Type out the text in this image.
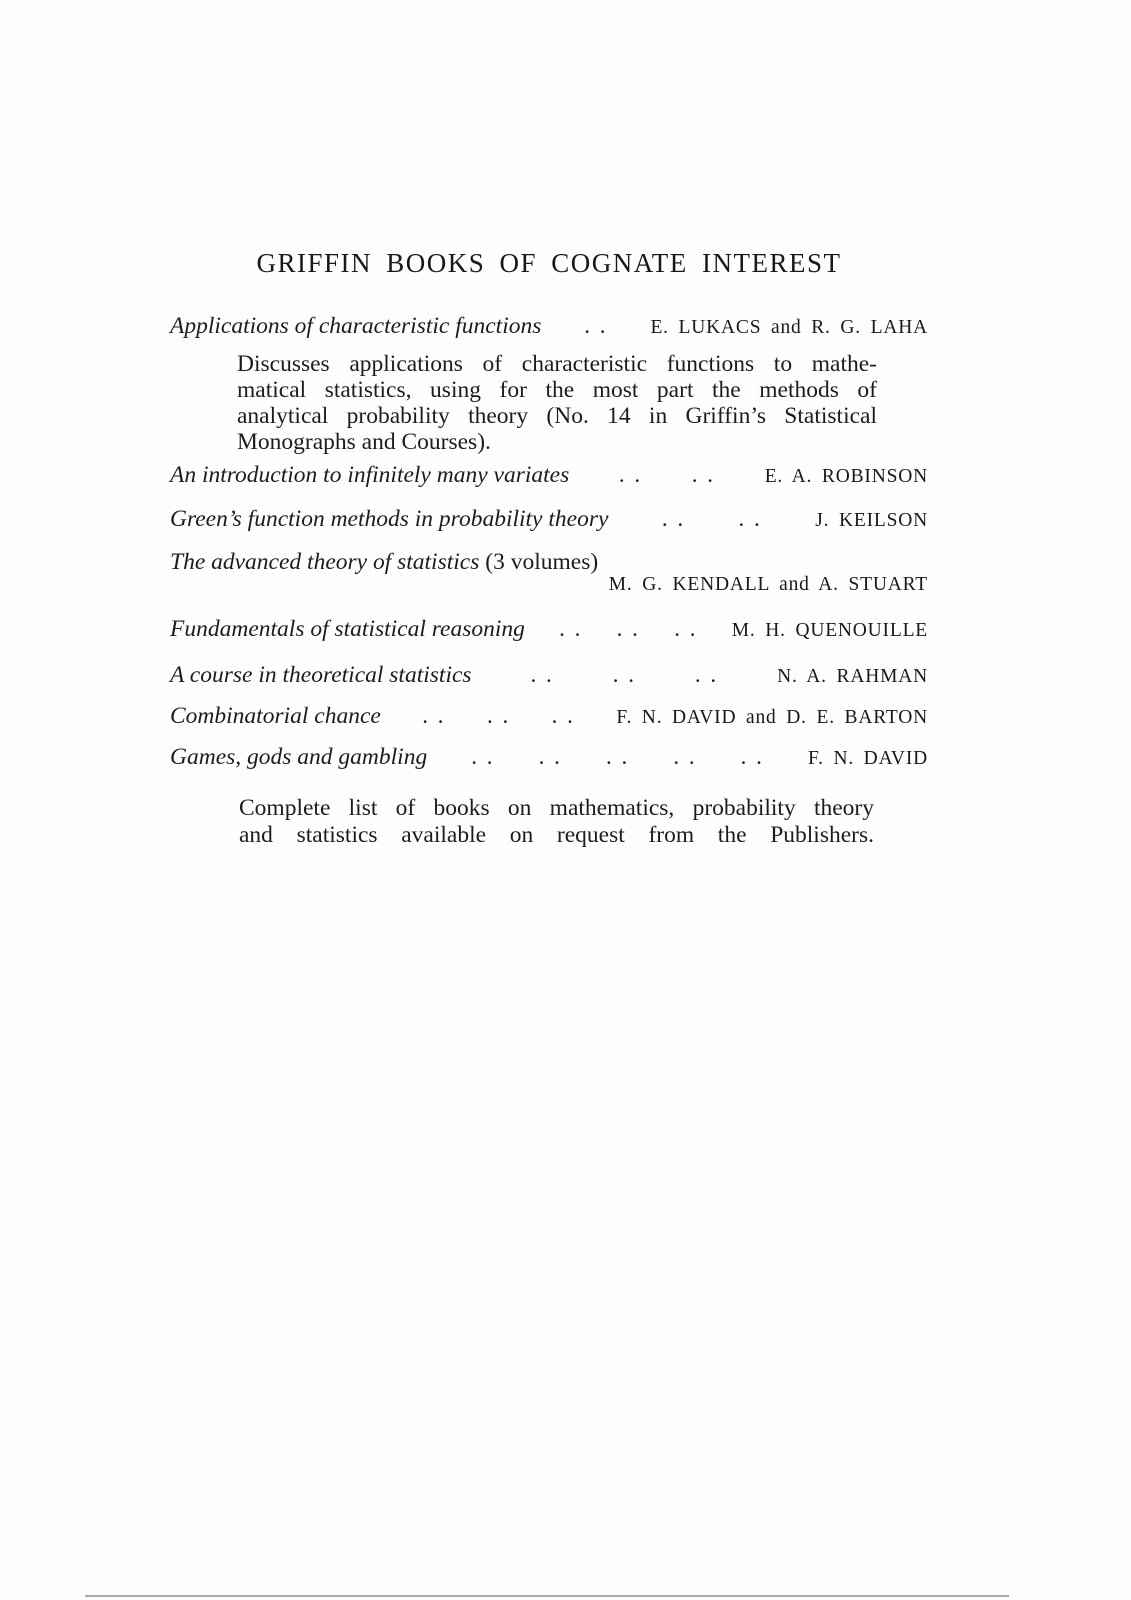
GRIFFIN BOOKS OF COGNATE INTEREST
Applications of characteristic functions . . E. LUKACS and R. G. LAHA
Discusses applications of characteristic functions to mathe-
matical statistics, using for the most part the methods of
analytical probability theory (No. 14 in Griffin’s Statistical
Monographs and Courses).
An introduction to infinitely many variates . . . .	E. A. ROBINSON
Green’s function methods in probability theory . . . .	J. KEILSON
The advanced theory of statistics (3 volumes)
M. G. KENDALL and A. STUART
Fundamentals of statistical reasoning . . . . . . M. H. QUENOUILLE
A course in theoretical statistics	. .	. .	. .	N. A. RAHMAN
Combinatorial chance . . . . . . F. N. DAVID and D. E. BARTON
Games, gods and gambling . . . . . . . . . . F. N. DAVID
Complete list of books on mathematics, probability theory
and statistics available on request from the Publishers.
